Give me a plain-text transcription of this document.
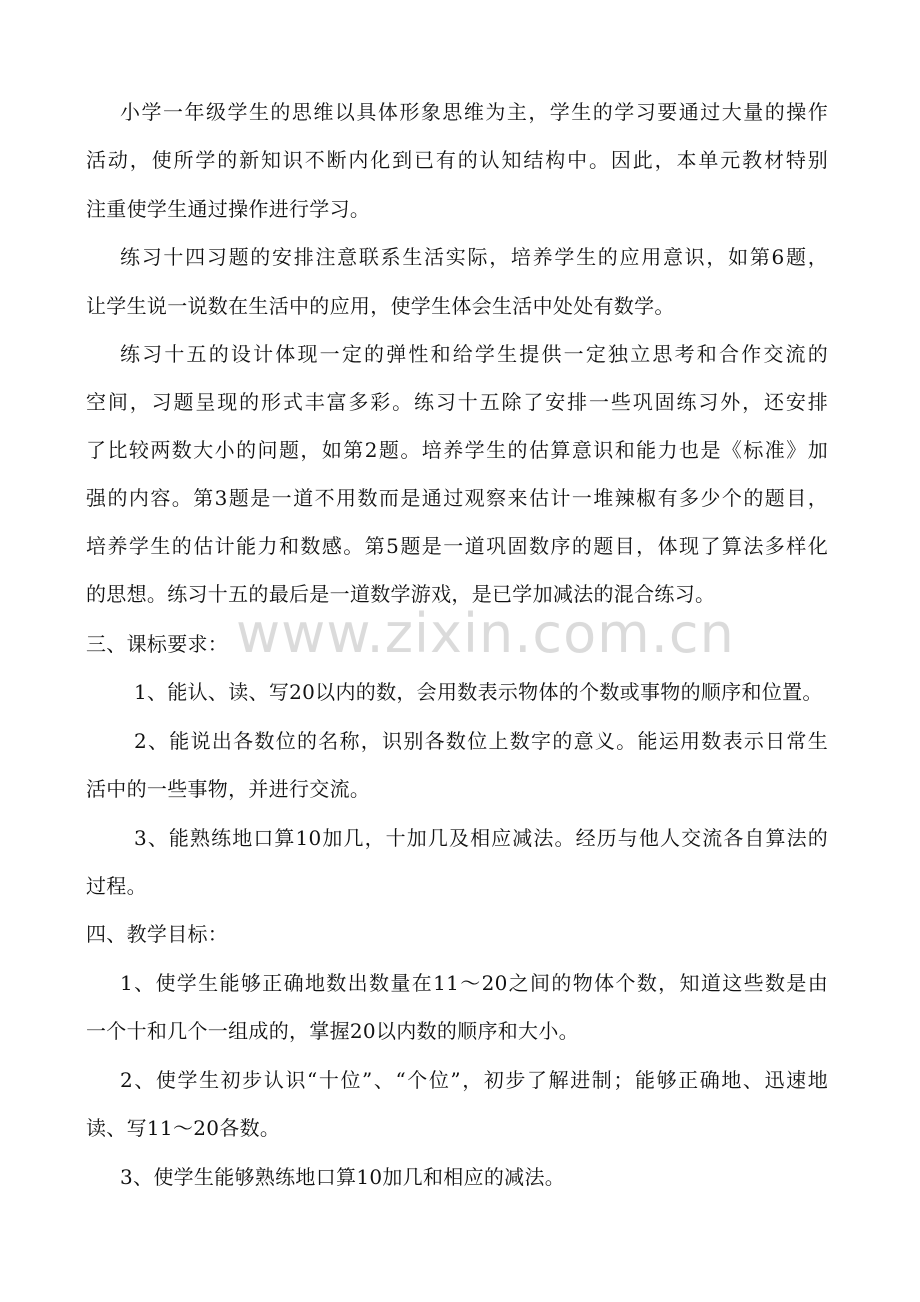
小学一年级学生的思维以具体形象思维为主，学生的学习要通过大量的操作
活动，使所学的新知识不断内化到已有的认知结构中。因此，本单元教材特别
注重使学生通过操作进行学习。
练习十四习题的安排注意联系生活实际，培养学生的应用意识，如第6题，
让学生说一说数在生活中的应用，使学生体会生活中处处有数学。
练习十五的设计体现一定的弹性和给学生提供一定独立思考和合作交流的
空间，习题呈现的形式丰富多彩。练习十五除了安排一些巩固练习外，还安排
了比较两数大小的问题，如第2题。培养学生的估算意识和能力也是《标准》加
强的内容。第3题是一道不用数而是通过观察来估计一堆辣椒有多少个的题目，
培养学生的估计能力和数感。第5题是一道巩固数序的题目，体现了算法多样化
的思想。练习十五的最后是一道数学游戏，是已学加减法的混合练习。
www.zixin.com.cn
三、课标要求：
1、能认、读、写20以内的数，会用数表示物体的个数或事物的顺序和位置。
2、能说出各数位的名称，识别各数位上数字的意义。能运用数表示日常生
活中的一些事物，并进行交流。
3、能熟练地口算10加几，十加几及相应减法。经历与他人交流各自算法的
过程。
四、教学目标：
1、使学生能够正确地数出数量在11～20之间的物体个数，知道这些数是由
一个十和几个一组成的，掌握20以内数的顺序和大小。
2、使学生初步认识“十位”、“个位”，初步了解进制；能够正确地、迅速地
读、写11～20各数。
3、使学生能够熟练地口算10加几和相应的减法。
